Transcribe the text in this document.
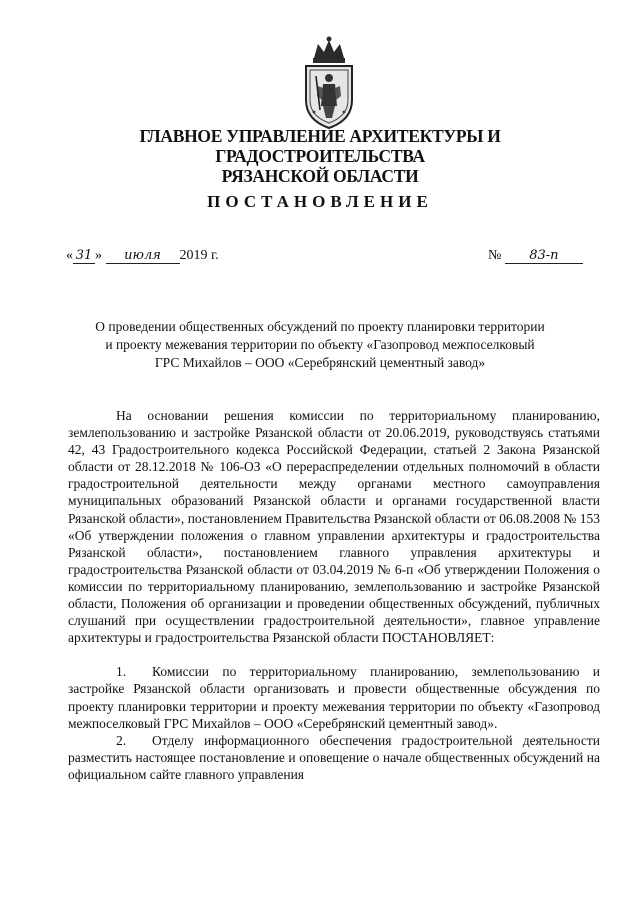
ГЛАВНОЕ УПРАВЛЕНИЕ АРХИТЕКТУРЫ И ГРАДОСТРОИТЕЛЬСТВА
РЯЗАНСКОЙ ОБЛАСТИ
ПОСТАНОВЛЕНИЕ
« 31 » июля 2019 г.	№ 83-п
О проведении общественных обсуждений по проекту планировки территории
и проекту межевания территории по объекту «Газопровод межпоселковый
ГРС Михайлов – ООО «Серебрянский цементный завод»

На основании решения комиссии по территориальному планированию, землепользованию и застройке Рязанской области от 20.06.2019, руководствуясь статьями 42, 43 Градостроительного кодекса Российской Федерации, статьей 2 Закона Рязанской области от 28.12.2018 № 106-ОЗ «О перераспределении отдельных полномочий в области градостроительной деятельности между органами местного самоуправления муниципальных образований Рязанской области и органами государственной власти Рязанской области», постановлением Правительства Рязанской области от 06.08.2008 № 153 «Об утверждении положения о главном управлении архитектуры и градостроительства Рязанской области», постановлением главного управления архитектуры и градостроительства Рязанской области от 03.04.2019 № 6-п «Об утверждении Положения о комиссии по территориальному планированию, землепользованию и застройке Рязанской области, Положения об организации и проведении общественных обсуждений, публичных слушаний при осуществлении градостроительной деятельности», главное управление архитектуры и градостроительства Рязанской области ПОСТАНОВЛЯЕТ:

1. Комиссии по территориальному планированию, землепользованию и застройке Рязанской области организовать и провести общественные обсуждения по проекту планировки территории и проекту межевания территории по объекту «Газопровод межпоселковый ГРС Михайлов – ООО «Серебрянский цементный завод».

2. Отделу информационного обеспечения градостроительной деятельности разместить настоящее постановление и оповещение о начале общественных обсуждений на официальном сайте главного управления
